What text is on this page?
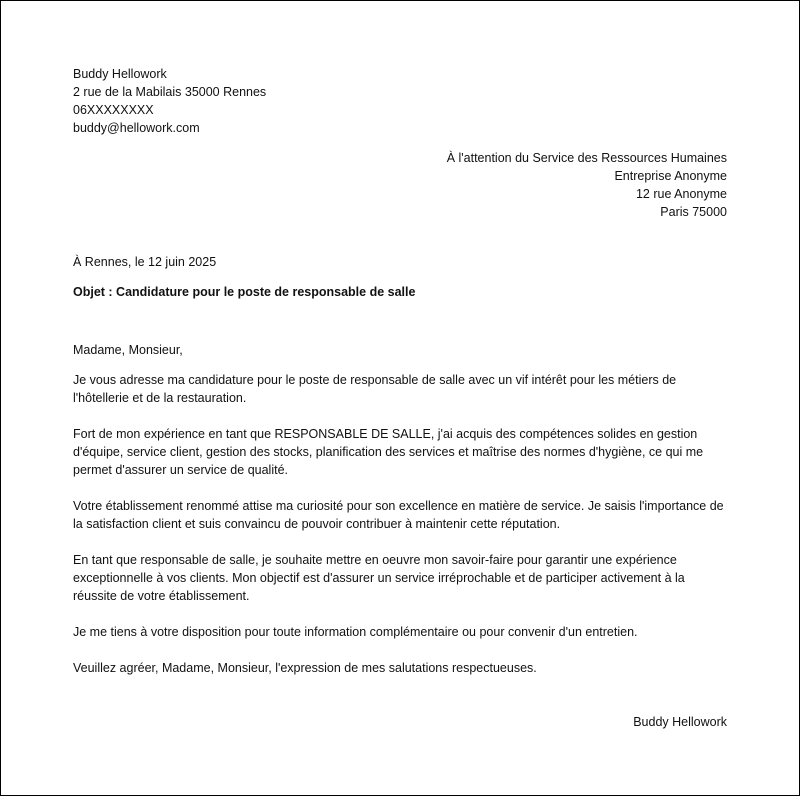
Buddy Hellowork
2 rue de la Mabilais 35000 Rennes
06XXXXXXXX
buddy@hellowork.com
À l'attention du Service des Ressources Humaines
Entreprise Anonyme
12 rue Anonyme
Paris 75000
À Rennes, le 12 juin 2025
Objet : Candidature pour le poste de responsable de salle
Madame, Monsieur,

Je vous adresse ma candidature pour le poste de responsable de salle avec un vif intérêt pour les métiers de l'hôtellerie et de la restauration.

Fort de mon expérience en tant que RESPONSABLE DE SALLE, j'ai acquis des compétences solides en gestion d'équipe, service client, gestion des stocks, planification des services et maîtrise des normes d'hygiène, ce qui me permet d'assurer un service de qualité.

Votre établissement renommé attise ma curiosité pour son excellence en matière de service. Je saisis l'importance de la satisfaction client et suis convaincu de pouvoir contribuer à maintenir cette réputation.

En tant que responsable de salle, je souhaite mettre en oeuvre mon savoir-faire pour garantir une expérience exceptionnelle à vos clients. Mon objectif est d'assurer un service irréprochable et de participer activement à la réussite de votre établissement.

Je me tiens à votre disposition pour toute information complémentaire ou pour convenir d'un entretien.

Veuillez agréer, Madame, Monsieur, l'expression de mes salutations respectueuses.

Buddy Hellowork
